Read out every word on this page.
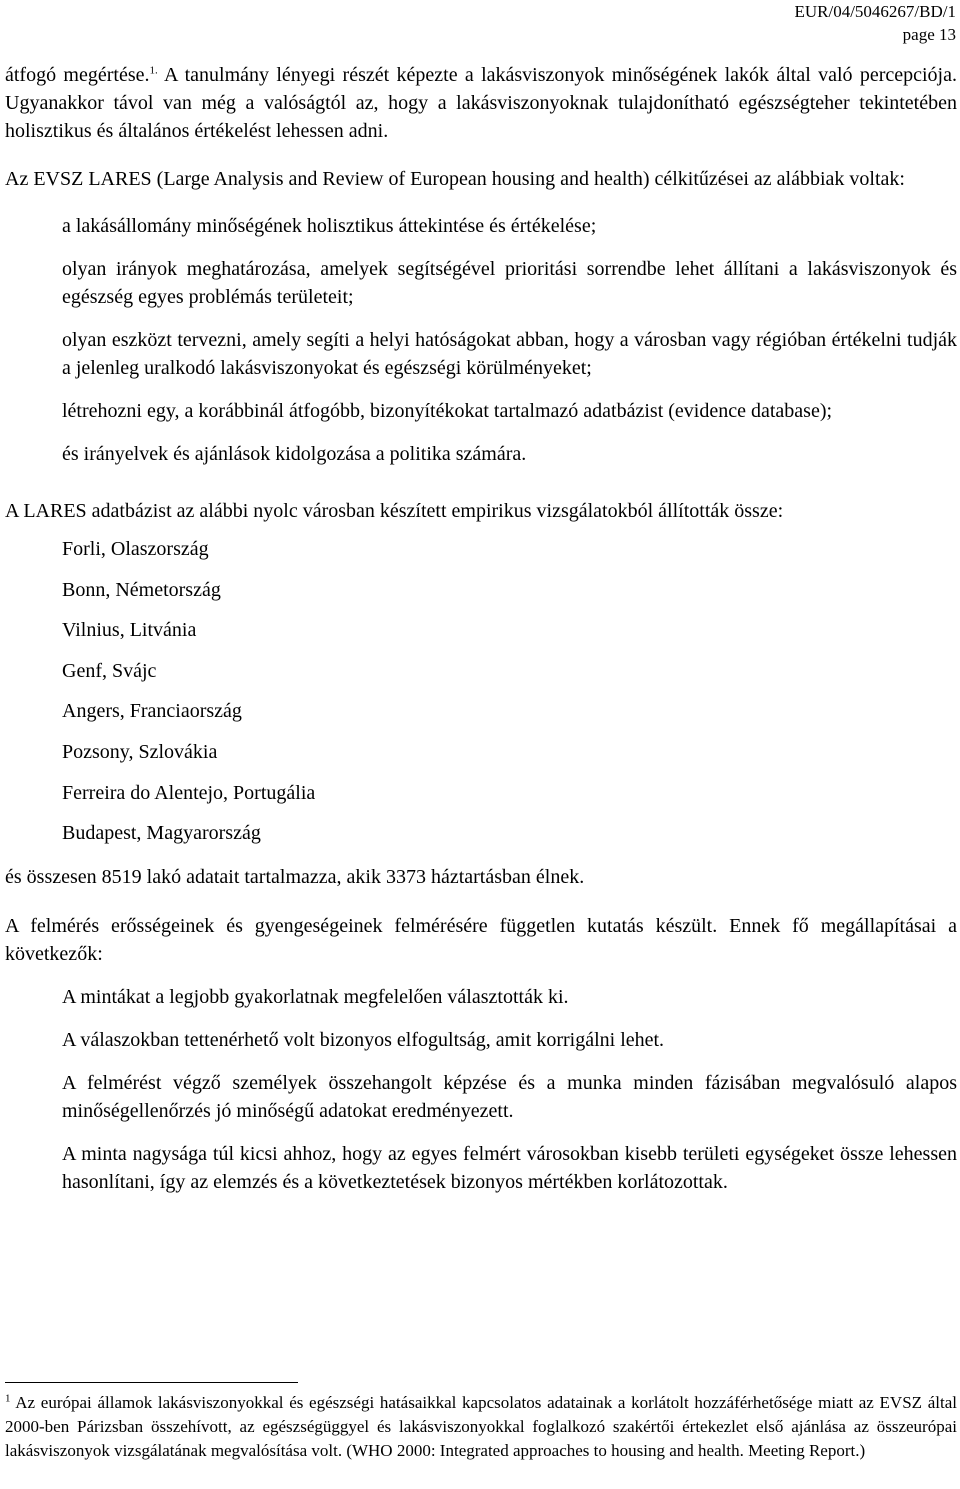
EUR/04/5046267/BD/1
page 13

átfogó megértése.$^{1.}$ A tanulmány lényegi részét képezte a lakásviszonyok minőségének lakók által való percepciója. Ugyanakkor távol van még a valóságtól az, hogy a lakásviszonyoknak tulajdonítható egészségteher tekintetében holisztikus és általános értékelést lehessen adni.

Az EVSZ LARES (Large Analysis and Review of European housing and health) célkitűzései az alábbiak voltak:

a lakásállomány minőségének holisztikus áttekintése és értékelése;
olyan irányok meghatározása, amelyek segítségével prioritási sorrendbe lehet állítani a lakásviszonyok és egészség egyes problémás területeit;
olyan eszközt tervezni, amely segíti a helyi hatóságokat abban, hogy a városban vagy régióban értékelni tudják a jelenleg uralkodó lakásviszonyokat és egészségi körülményeket;
létrehozni egy, a korábbinál átfogóbb, bizonyítékokat tartalmazó adatbázist (evidence database);
és irányelvek és ajánlások kidolgozása a politika számára.

A LARES adatbázist az alábbi nyolc városban készített empirikus vizsgálatokból állították össze:

Forli, Olaszország
Bonn, Németország
Vilnius, Litvánia
Genf, Svájc
Angers, Franciaország
Pozsony, Szlovákia
Ferreira do Alentejo, Portugália
Budapest, Magyarország

és összesen 8519 lakó adatait tartalmazza, akik 3373 háztartásban élnek.

A felmérés erősségeinek és gyengeségeinek felmérésére független kutatás készült. Ennek fő megállapításai a következők:

A mintákat a legjobb gyakorlatnak megfelelően választották ki.
A válaszokban tettenérhető volt bizonyos elfogultság, amit korrigálni lehet.
A felmérést végző személyek összehangolt képzése és a munka minden fázisában megvalósuló alapos minőségellenőrzés jó minőségű adatokat eredményezett.
A minta nagysága túl kicsi ahhoz, hogy az egyes felmért városokban kisebb területi egységeket össze lehessen hasonlítani, így az elemzés és a következtetések bizonyos mértékben korlátozottak.
$^1$ Az európai államok lakásviszonyokkal és egészségi hatásaikkal kapcsolatos adatainak a korlátolt hozzáférhetősége miatt az EVSZ által 2000-ben Párizsban összehívott, az egészségüggyel és lakásviszonyokkal foglalkozó szakértői értekezlet első ajánlása az összeurópai lakásviszonyok vizsgálatának megvalósítása volt. (WHO 2000: Integrated approaches to housing and health. Meeting Report.)
